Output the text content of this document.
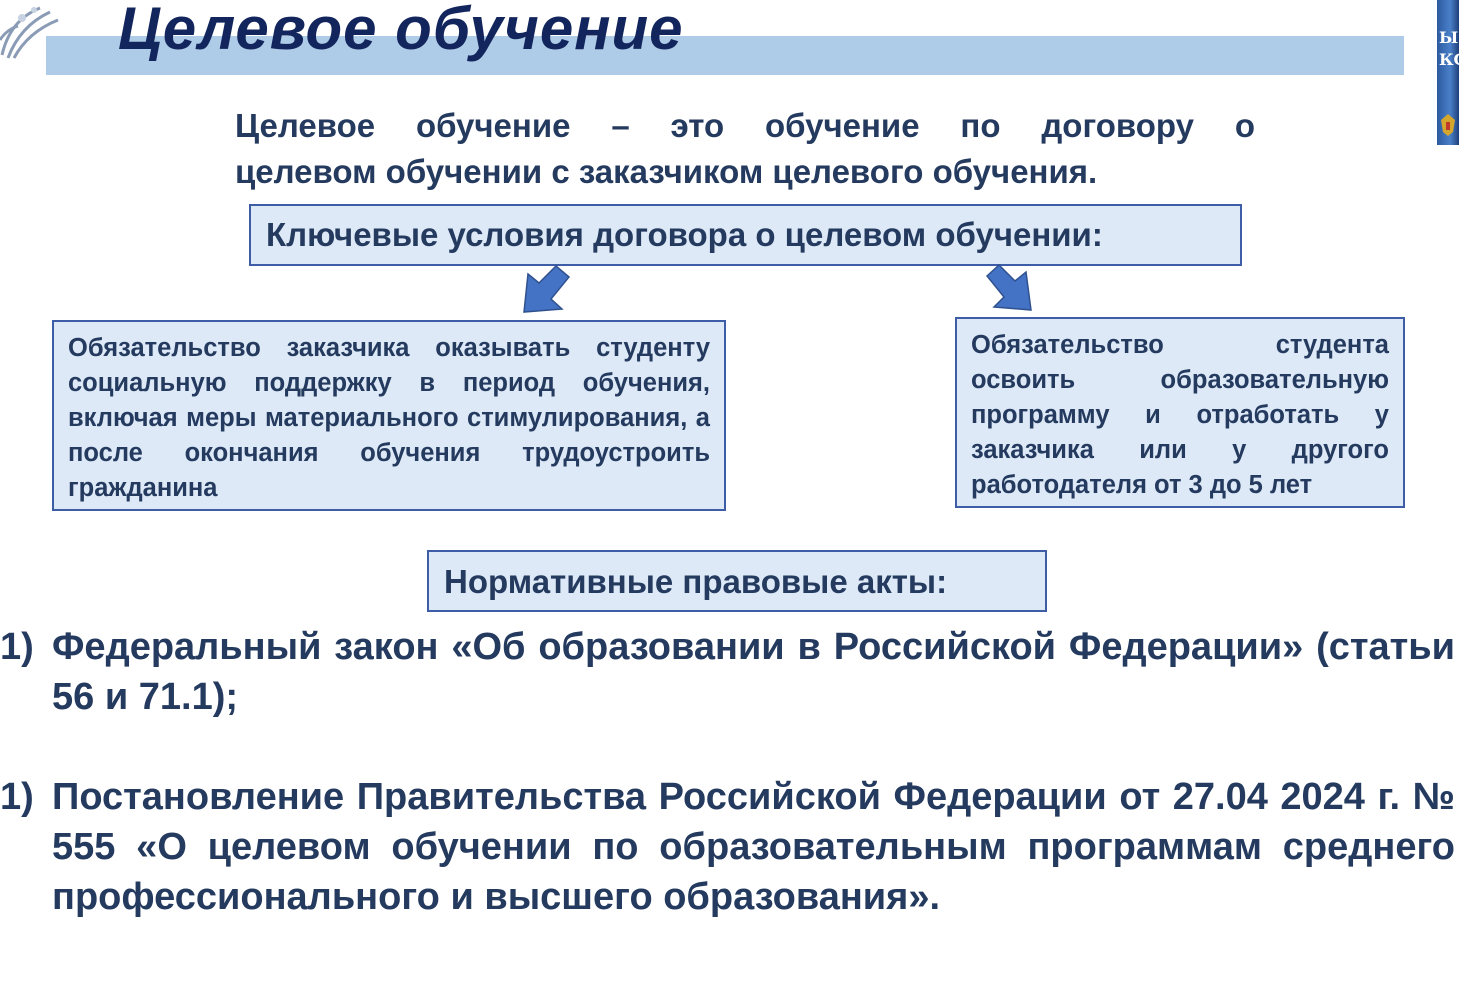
Целевое обучение	ЫЙ
КС

Целевое обучение – это обучение по договору о

целевом обучении с заказчиком целевого обучения.

Ключевые условия договора о целевом обучении:

Обязательство заказчика оказывать студенту социальную поддержку в период обучения, включая меры материального стимулирования, а после окончания обучения трудоустроить гражданина

Обязательство студента освоить образовательную программу и отработать у заказчика или у другого работодателя от 3 до 5 лет

Нормативные правовые акты:
1) Федеральный закон «Об образовании в Российской Федерации» (статьи 56 и 71.1);

1) Постановление Правительства Российской Федерации от 27.04 2024 г. № 555 «О целевом обучении по образовательным программам среднего профессионального и высшего образования».
